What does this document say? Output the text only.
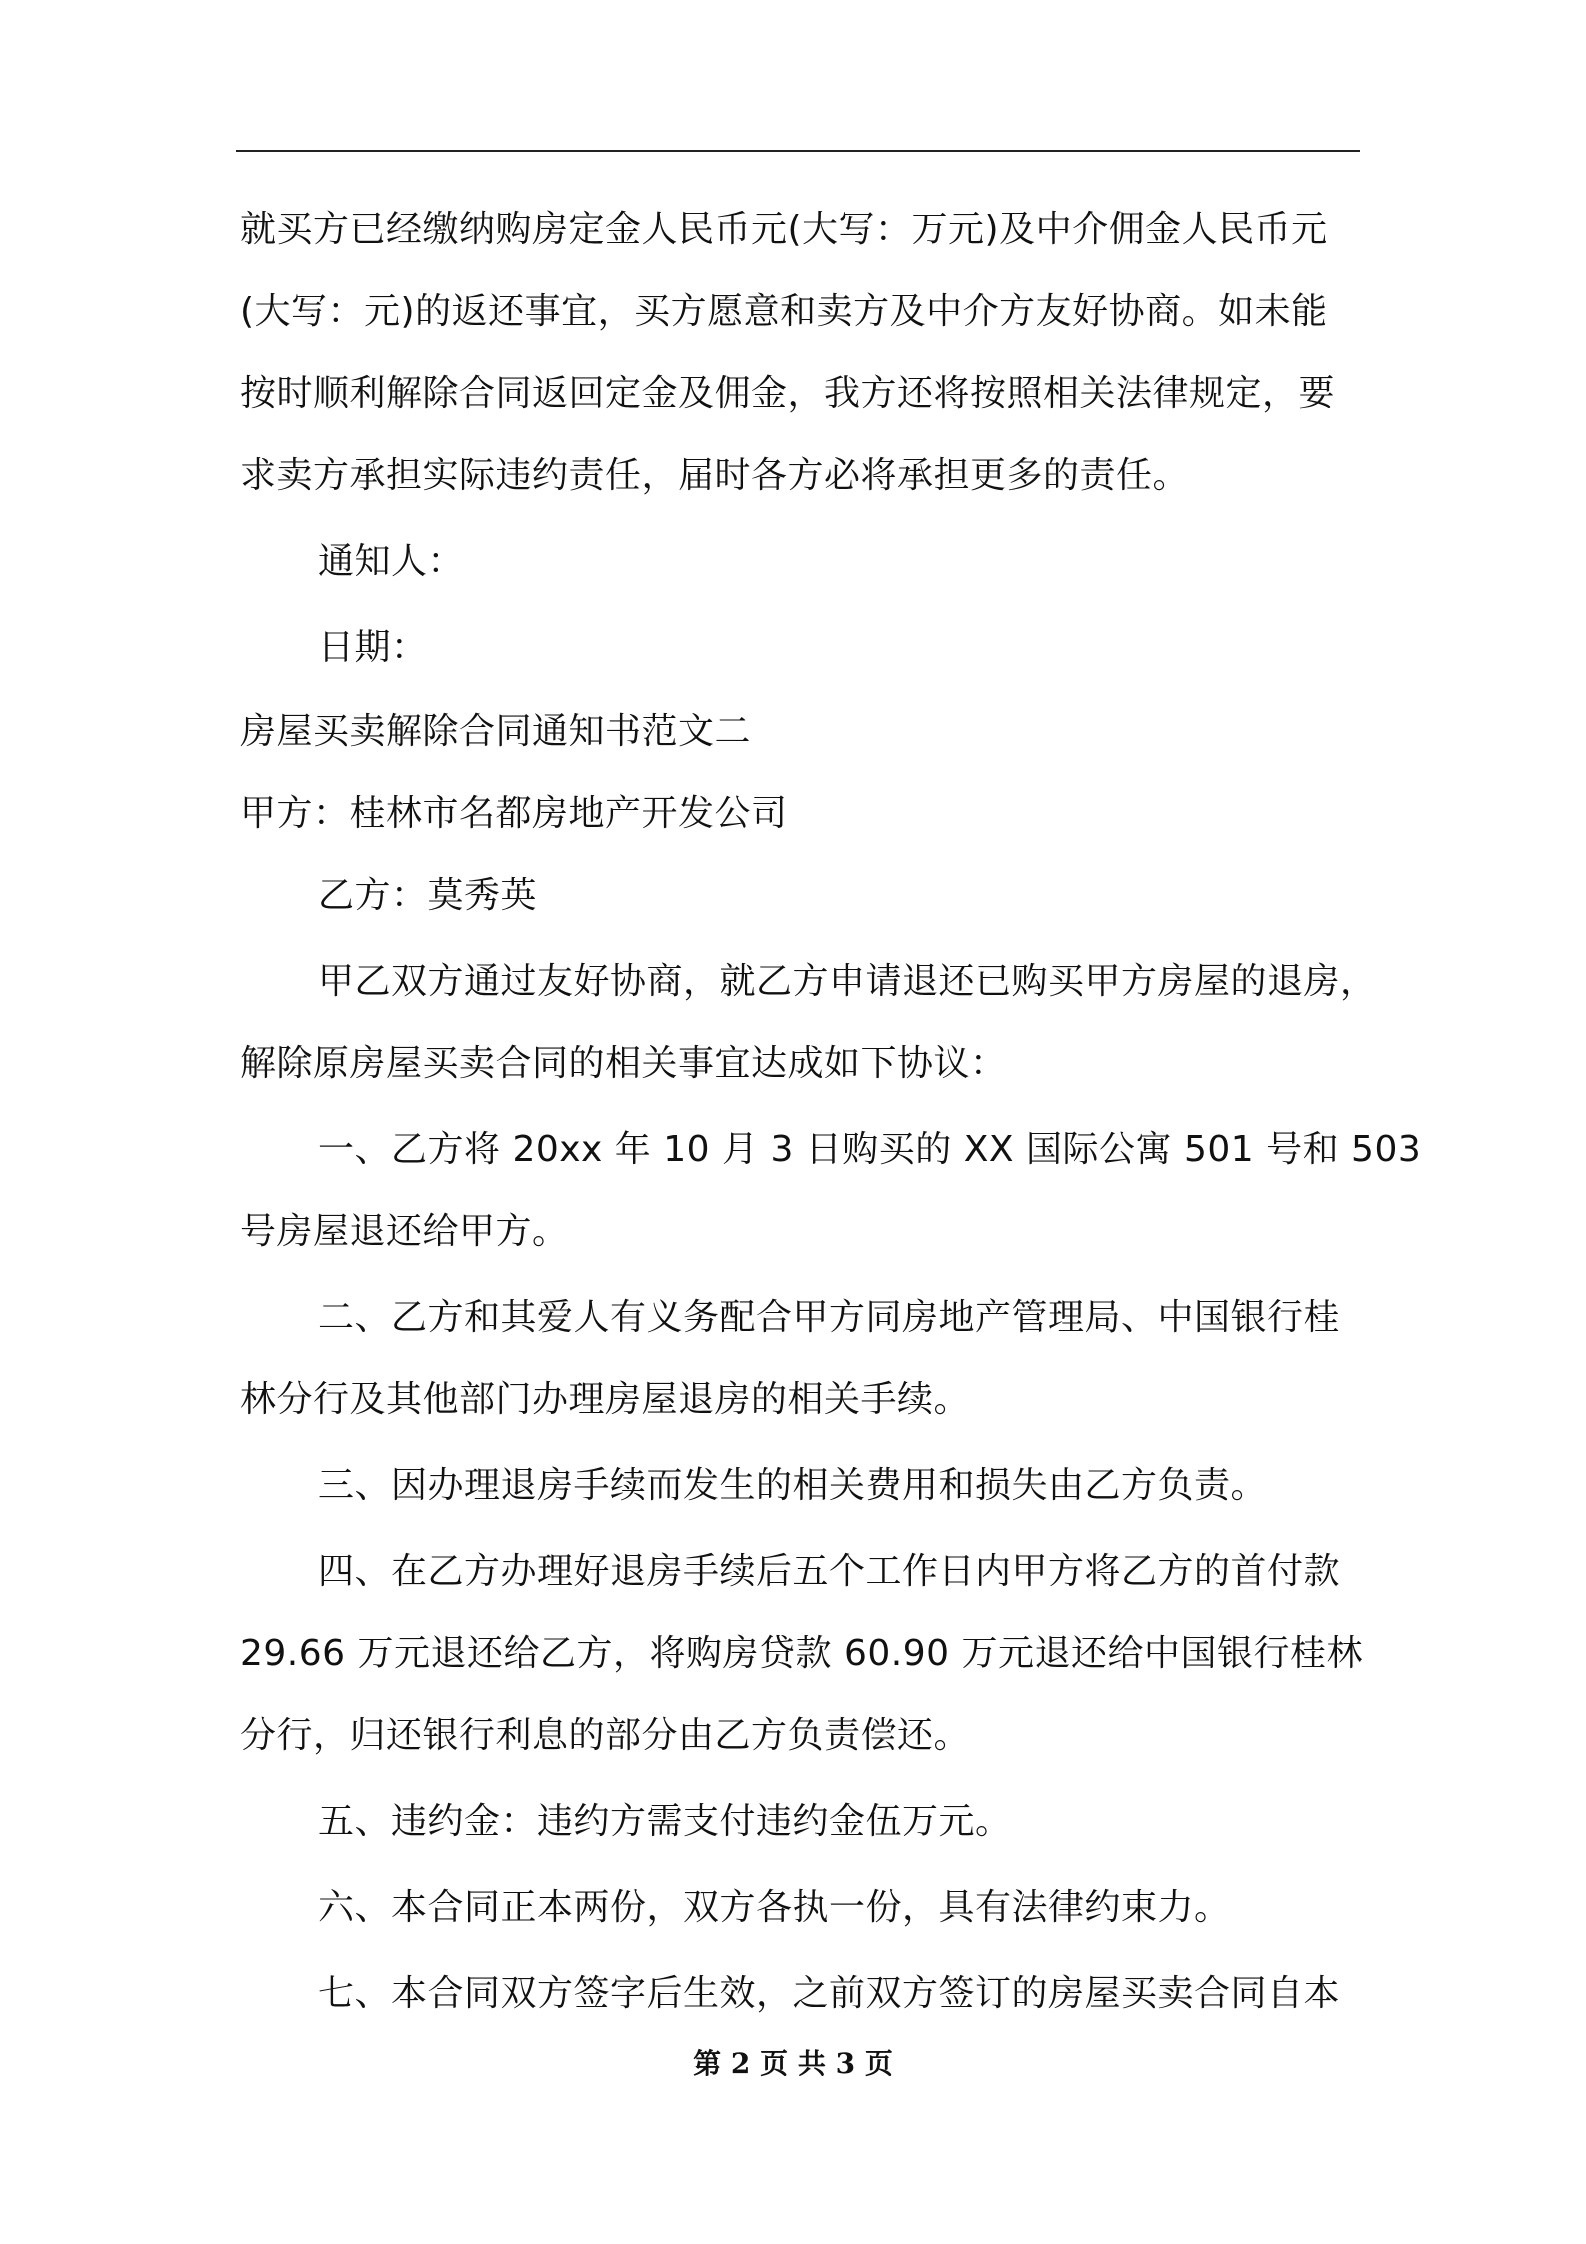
就买方已经缴纳购房定金人民币元(大写：万元)及中介佣金人民币元
(大写：元)的返还事宜，买方愿意和卖方及中介方友好协商。如未能
按时顺利解除合同返回定金及佣金，我方还将按照相关法律规定，要
求卖方承担实际违约责任，届时各方必将承担更多的责任。
通知人：
日期：
房屋买卖解除合同通知书范文二
甲方：桂林市名都房地产开发公司
乙方：莫秀英
甲乙双方通过友好协商，就乙方申请退还已购买甲方房屋的退房，
解除原房屋买卖合同的相关事宜达成如下协议：
一、乙方将 20xx 年 10 月 3 日购买的 XX 国际公寓 501 号和 503
号房屋退还给甲方。
二、乙方和其爱人有义务配合甲方同房地产管理局、中国银行桂
林分行及其他部门办理房屋退房的相关手续。
三、因办理退房手续而发生的相关费用和损失由乙方负责。
四、在乙方办理好退房手续后五个工作日内甲方将乙方的首付款
29.66 万元退还给乙方，将购房贷款 60.90 万元退还给中国银行桂林
分行，归还银行利息的部分由乙方负责偿还。
五、违约金：违约方需支付违约金伍万元。
六、本合同正本两份，双方各执一份，具有法律约束力。
七、本合同双方签字后生效，之前双方签订的房屋买卖合同自本
第 2 页 共 3 页
